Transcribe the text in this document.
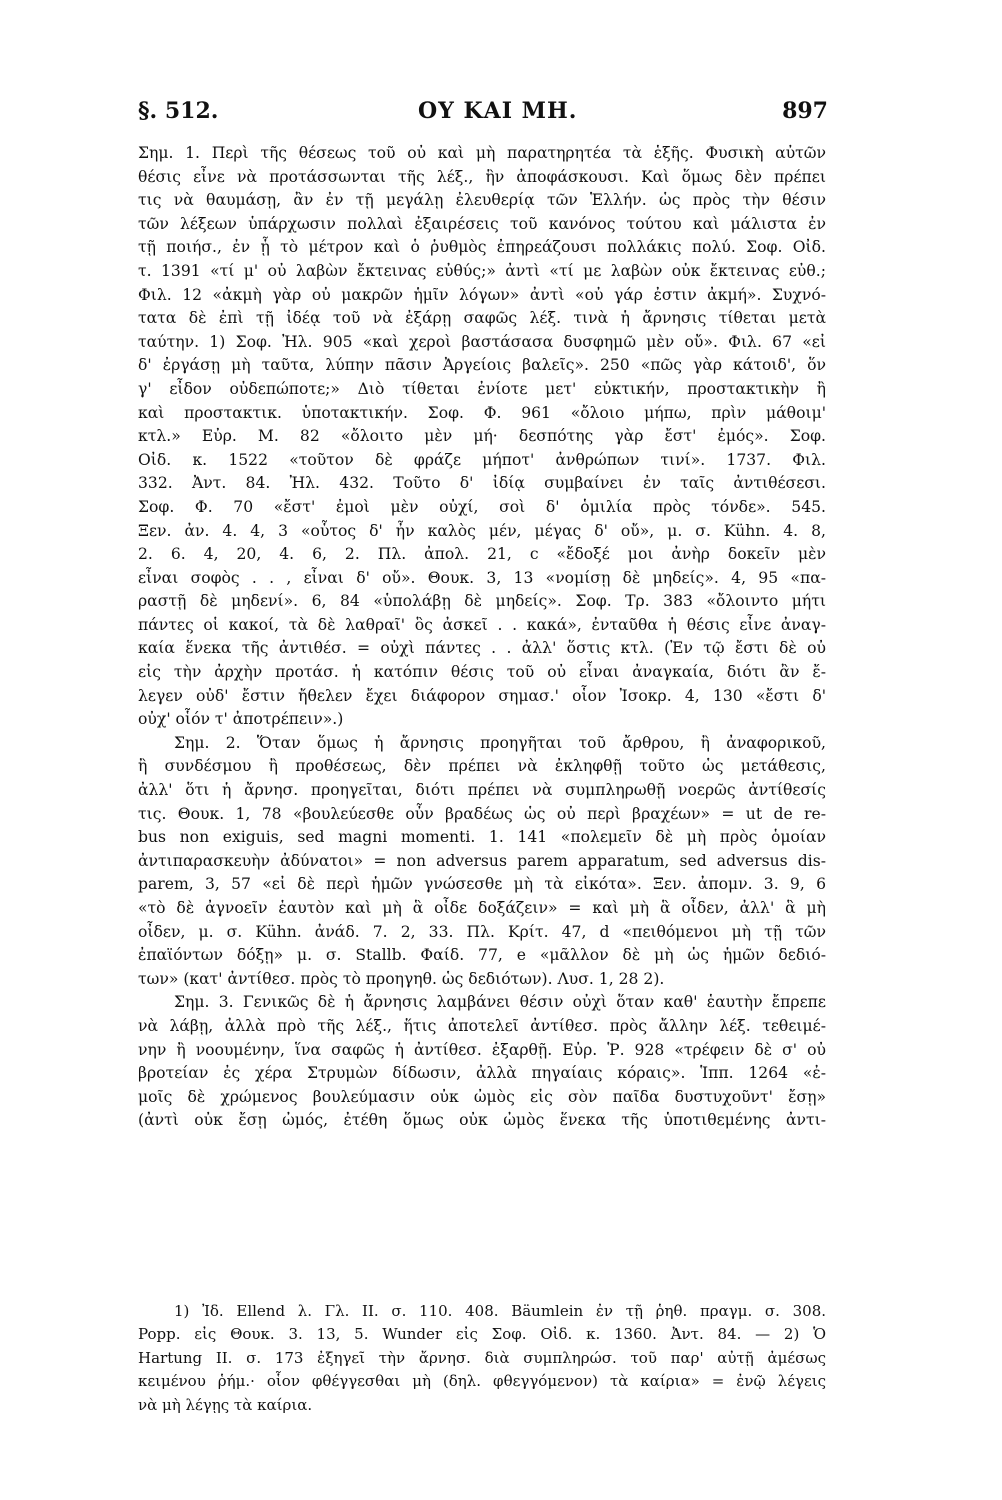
§. 512.	ΟΥ ΚΑΙ ΜΗ.	897
Σημ. 1. Περὶ τῆς θέσεως τοῦ οὐ καὶ μὴ παρατηρητέα τὰ ἑξῆς. Φυσικὴ αὐτῶν
θέσις εἶνε νὰ προτάσσωνται τῆς λέξ., ἣν ἀποφάσκουσι. Καὶ ὅμως δὲν πρέπει
τις νὰ θαυμάσῃ, ἂν ἐν τῇ μεγάλῃ ἐλευθερίᾳ τῶν Ἑλλήν. ὡς πρὸς τὴν θέσιν
τῶν λέξεων ὑπάρχωσιν πολλαὶ ἐξαιρέσεις τοῦ κανόνος τούτου καὶ μάλιστα ἐν
τῇ ποιήσ., ἐν ᾗ τὸ μέτρον καὶ ὁ ῥυθμὸς ἐπηρεάζουσι πολλάκις πολύ. Σοφ. Οἰδ.
τ. 1391 «τί μ' οὐ λαβὼν ἔκτεινας εὐθύς;» ἀντὶ «τί με λαβὼν οὐκ ἔκτεινας εὐθ.;
Φιλ. 12 «ἀκμὴ γὰρ οὐ μακρῶν ἡμῖν λόγων» ἀντὶ «οὐ γάρ ἐστιν ἀκμή». Συχνό-
τατα δὲ ἐπὶ τῇ ἰδέᾳ τοῦ νὰ ἐξάρῃ σαφῶς λέξ. τινὰ ἡ ἄρνησις τίθεται μετὰ
ταύτην. 1) Σοφ. Ἠλ. 905 «καὶ χεροὶ βαστάσασα δυσφημῶ μὲν οὔ». Φιλ. 67 «εἰ
δ' ἐργάσῃ μὴ ταῦτα, λύπην πᾶσιν Ἀργείοις βαλεῖς». 250 «πῶς γὰρ κάτοιδ', ὅν
γ' εἶδον οὐδεπώποτε;» Διὸ τίθεται ἐνίοτε μετ' εὐκτικήν, προστακτικὴν ἢ
καὶ προστακτικ. ὑποτακτικήν. Σοφ. Φ. 961 «ὄλοιο μήπω, πρὶν μάθοιμ'
κτλ.» Εὐρ. Μ. 82 «ὄλοιτο μὲν μή· δεσπότης γὰρ ἔστ' ἐμός». Σοφ.
Οἰδ. κ. 1522 «τοῦτον δὲ φράζε μήποτ' ἀνθρώπων τινί». 1737. Φιλ.
332. Ἀντ. 84. Ἠλ. 432. Τοῦτο δ' ἰδίᾳ συμβαίνει ἐν ταῖς ἀντιθέσεσι.
Σοφ. Φ. 70 «ἔστ' ἐμοὶ μὲν οὐχί, σοὶ δ' ὁμιλία πρὸς τόνδε». 545.
Ξεν. ἀν. 4. 4, 3 «οὗτος δ' ἦν καλὸς μέν, μέγας δ' οὔ», μ. σ. Kühn. 4. 8,
2. 6. 4, 20, 4. 6, 2. Πλ. ἀπολ. 21, c «ἔδοξέ μοι ἀνὴρ δοκεῖν μὲν
εἶναι σοφὸς . . , εἶναι δ' οὔ». Θουκ. 3, 13 «νομίσῃ δὲ μηδείς». 4, 95 «πα-
ραστῇ δὲ μηδενί». 6, 84 «ὑπολάβῃ δὲ μηδείς». Σοφ. Τρ. 383 «ὄλοιντο μήτι
πάντες οἱ κακοί, τὰ δὲ λαθραῖ' ὃς ἀσκεῖ . . κακά», ἐνταῦθα ἡ θέσις εἶνε ἀναγ-
καία ἕνεκα τῆς ἀντιθέσ. = οὐχὶ πάντες . . ἀλλ' ὅστις κτλ. (Ἐν τῷ ἔστι δὲ οὐ
εἰς τὴν ἀρχὴν προτάσ. ἡ κατόπιν θέσις τοῦ οὐ εἶναι ἀναγκαία, διότι ἂν ἔ-
λεγεν οὐδ' ἔστιν ἤθελεν ἔχει διάφορον σημασ.' οἷον Ἰσοκρ. 4, 130 «ἔστι δ'
οὐχ' οἷόν τ' ἀποτρέπειν».)
Σημ. 2. Ὅταν ὅμως ἡ ἄρνησις προηγῆται τοῦ ἄρθρου, ἢ ἀναφορικοῦ,
ἢ συνδέσμου ἢ προθέσεως, δὲν πρέπει νὰ ἐκληφθῇ τοῦτο ὡς μετάθεσις,
ἀλλ' ὅτι ἡ ἄρνησ. προηγεῖται, διότι πρέπει νὰ συμπληρωθῇ νοερῶς ἀντίθεσίς
τις. Θουκ. 1, 78 «βουλεύεσθε οὖν βραδέως ὡς οὐ περὶ βραχέων» = ut de re-
bus non exiguis, sed magni momenti. 1. 141 «πολεμεῖν δὲ μὴ πρὸς ὁμοίαν
ἀντιπαρασκευὴν ἀδύνατοι» = non adversus parem apparatum, sed adversus dis-
parem, 3, 57 «εἰ δὲ περὶ ἡμῶν γνώσεσθε μὴ τὰ εἰκότα». Ξεν. ἀπομν. 3. 9, 6
«τὸ δὲ ἀγνοεῖν ἑαυτὸν καὶ μὴ ἃ οἶδε δοξάζειν» = καὶ μὴ ἃ οἶδεν, ἀλλ' ἃ μὴ
οἶδεν, μ. σ. Kühn. ἀνάδ. 7. 2, 33. Πλ. Κρίτ. 47, d «πειθόμενοι μὴ τῇ τῶν
ἐπαϊόντων δόξῃ» μ. σ. Stallb. Φαίδ. 77, e «μᾶλλον δὲ μὴ ὡς ἡμῶν δεδιό-
των» (κατ' ἀντίθεσ. πρὸς τὸ προηγηθ. ὡς δεδιότων). Λυσ. 1, 28 2).
Σημ. 3. Γενικῶς δὲ ἡ ἄρνησις λαμβάνει θέσιν οὐχὶ ὅταν καθ' ἑαυτὴν ἔπρεπε
νὰ λάβῃ, ἀλλὰ πρὸ τῆς λέξ., ἥτις ἀποτελεῖ ἀντίθεσ. πρὸς ἄλλην λέξ. τεθειμέ-
νην ἢ νοουμένην, ἵνα σαφῶς ἡ ἀντίθεσ. ἐξαρθῇ. Εὐρ. Ῥ. 928 «τρέφειν δὲ σ' οὐ
βροτείαν ἐς χέρα Στρυμὼν δίδωσιν, ἀλλὰ πηγαίαις κόραις». Ἱππ. 1264 «ἐ-
μοῖς δὲ χρώμενος βουλεύμασιν οὐκ ὠμὸς εἰς σὸν παῖδα δυστυχοῦντ' ἔσῃ»
(ἀντὶ οὐκ ἔσῃ ὠμός, ἐτέθη ὅμως οὐκ ὠμὸς ἕνεκα τῆς ὑποτιθεμένης ἀντι-
1) Ἰδ. Ellend λ. Γλ. II. σ. 110. 408. Bäumlein ἐν τῇ ῥηθ. πραγμ. σ. 308.
Popp. εἰς Θουκ. 3. 13, 5. Wunder εἰς Σοφ. Οἰδ. κ. 1360. Ἀντ. 84. — 2) Ὁ
Hartung II. σ. 173 ἐξηγεῖ τὴν ἄρνησ. διὰ συμπληρώσ. τοῦ παρ' αὐτῇ ἀμέσως
κειμένου ῥήμ.· οἷον φθέγγεσθαι μὴ (δηλ. φθεγγόμενον) τὰ καίρια» = ἐνῷ λέγεις
νὰ μὴ λέγῃς τὰ καίρια.
